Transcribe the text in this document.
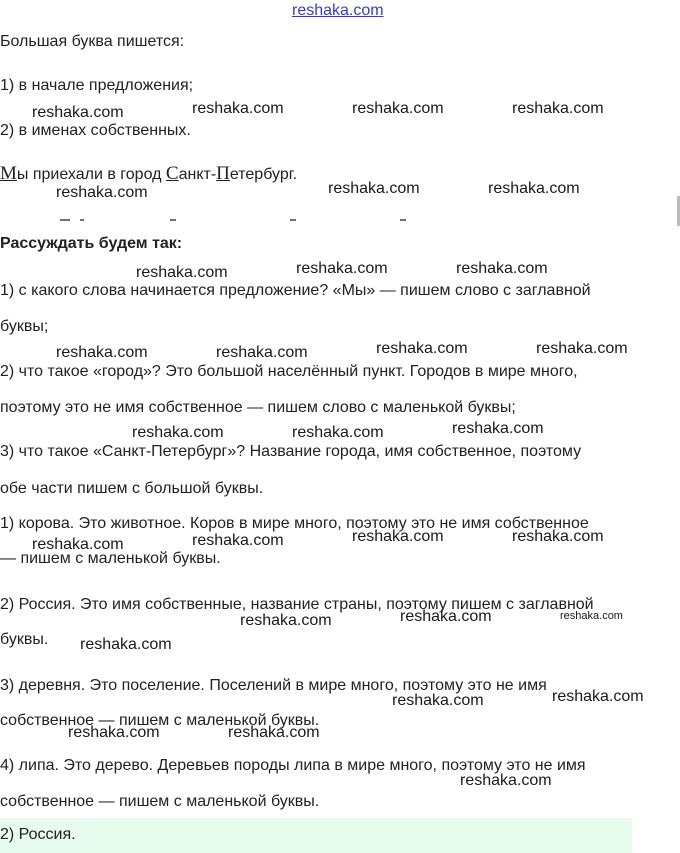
reshaka.com
Большая буква пишется:
1) в начале предложения;
2) в именах собственных.
Мы приехали в город Санкт-Петербург.
Рассуждать будем так:
1) с какого слова начинается предложение? «Мы» — пишем слово с заглавной
буквы;
2) что такое «город»? Это большой населённый пункт. Городов в мире много,
поэтому это не имя собственное — пишем слово с маленькой буквы;
3) что такое «Санкт-Петербург»? Название города, имя собственное, поэтому
обе части пишем с большой буквы.
1) корова. Это животное. Коров в мире много, поэтому это не имя собственное
— пишем с маленькой буквы.
2) Россия. Это имя собственные, название страны, поэтому пишем с заглавной
буквы.
3) деревня. Это поселение. Поселений в мире много, поэтому это не имя
собственное — пишем с маленькой буквы.
4) липа. Это дерево. Деревьев породы липа в мире много, поэтому это не имя
собственное — пишем с маленькой буквы.
2) Россия.
reshaka.com	reshaka.com	reshaka.com	reshaka.com
reshaka.com	reshaka.com	reshaka.com
reshaka.com	reshaka.com	reshaka.com
reshaka.com	reshaka.com	reshaka.com	reshaka.com
reshaka.com	reshaka.com	reshaka.com
reshaka.com	reshaka.com	reshaka.com	reshaka.com
reshaka.com	reshaka.com	reshaka.com
reshaka.com
reshaka.com	reshaka.com
reshaka.com	reshaka.com
reshaka.com
